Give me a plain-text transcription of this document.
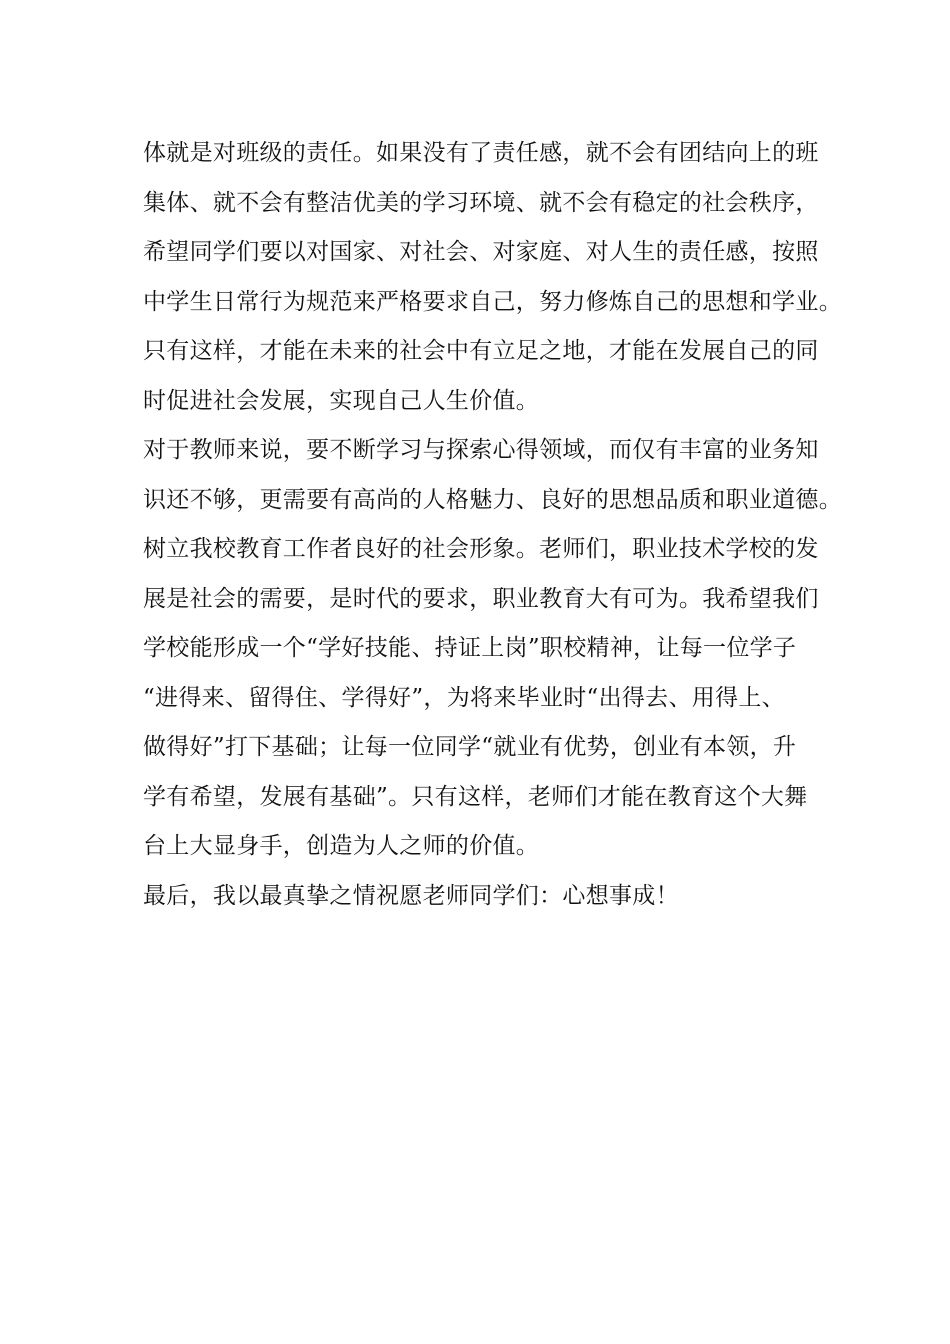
体就是对班级的责任。如果没有了责任感，就不会有团结向上的班
集体、就不会有整洁优美的学习环境、就不会有稳定的社会秩序，
希望同学们要以对国家、对社会、对家庭、对人生的责任感，按照
中学生日常行为规范来严格要求自己，努力修炼自己的思想和学业。
只有这样，才能在未来的社会中有立足之地，才能在发展自己的同
时促进社会发展，实现自己人生价值。
对于教师来说，要不断学习与探索心得领域，而仅有丰富的业务知
识还不够，更需要有高尚的人格魅力、良好的思想品质和职业道德。
树立我校教育工作者良好的社会形象。老师们，职业技术学校的发
展是社会的需要，是时代的要求，职业教育大有可为。我希望我们
学校能形成一个“学好技能、持证上岗”职校精神，让每一位学子
“进得来、留得住、学得好”，为将来毕业时“出得去、用得上、
做得好”打下基础；让每一位同学“就业有优势，创业有本领，升
学有希望，发展有基础”。只有这样，老师们才能在教育这个大舞
台上大显身手，创造为人之师的价值。
最后，我以最真挚之情祝愿老师同学们：心想事成！
